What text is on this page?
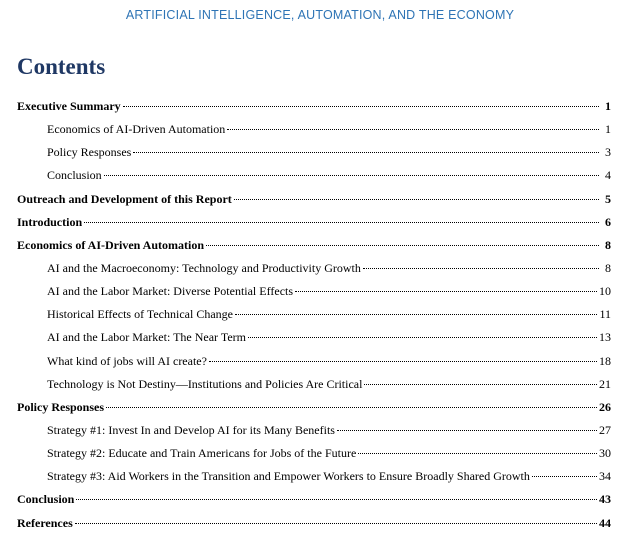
ARTIFICIAL INTELLIGENCE, AUTOMATION, AND THE ECONOMY
Contents
Executive Summary	1
Economics of AI-Driven Automation	1
Policy Responses	3
Conclusion	4
Outreach and Development of this Report	5
Introduction	6
Economics of AI-Driven Automation	8
AI and the Macroeconomy: Technology and Productivity Growth	8
AI and the Labor Market: Diverse Potential Effects	10
Historical Effects of Technical Change	11
AI and the Labor Market: The Near Term	13
What kind of jobs will AI create?	18
Technology is Not Destiny—Institutions and Policies Are Critical	21
Policy Responses	26
Strategy #1: Invest In and Develop AI for its Many Benefits	27
Strategy #2: Educate and Train Americans for Jobs of the Future	30
Strategy #3: Aid Workers in the Transition and Empower Workers to Ensure Broadly Shared Growth	34
Conclusion	43
References	44
